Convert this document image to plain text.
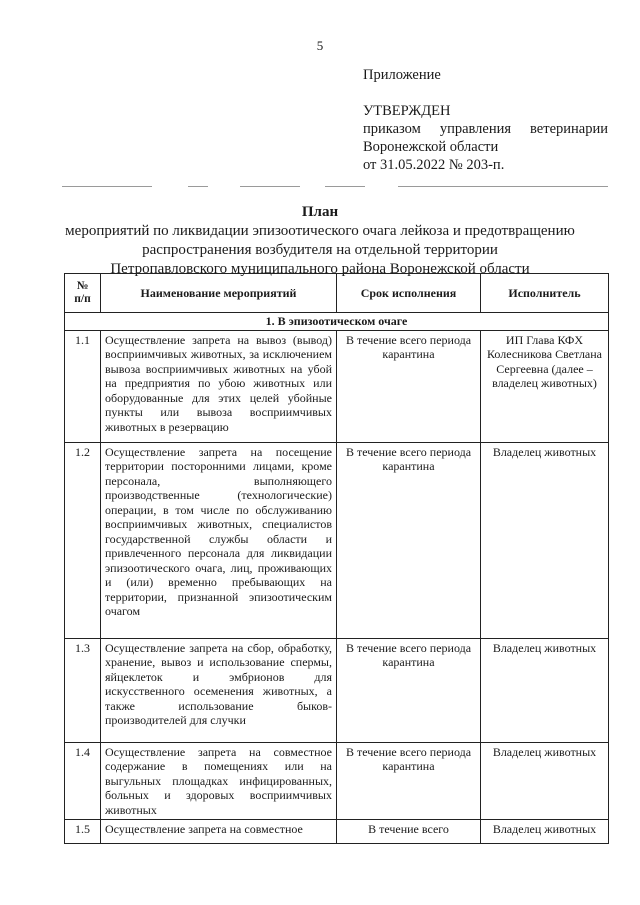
5
Приложение
УТВЕРЖДЕН
приказом управления ветеринарии
Воронежской области
от 31.05.2022 № 203-п.
План
мероприятий по ликвидации эпизоотического очага лейкоза и предотвращению
распространения возбудителя на отдельной территории
Петропавловского муниципального района Воронежской области
№
п/п	Наименование мероприятий	Срок исполнения	Исполнитель
1. В эпизоотическом очаге			
1.1	Осуществление запрета на вывоз (вывод) восприимчивых животных, за исключением вывоза восприимчивых животных на убой на предприятия по убою животных или оборудованные для этих целей убойные пункты или вывоза восприимчивых животных в резервацию	В течение всего периода карантина	ИП Глава КФХ Колесникова Светлана Сергеевна (далее – владелец животных)
1.2	Осуществление запрета на посещение территории посторонними лицами, кроме персонала, выполняющего производственные (технологические) операции, в том числе по обслуживанию восприимчивых животных, специалистов государственной службы области и привлеченного персонала для ликвидации эпизоотического очага, лиц, проживающих и (или) временно пребывающих на территории, признанной эпизоотическим очагом	В течение всего периода карантина	Владелец животных
1.3	Осуществление запрета на сбор, обработку, хранение, вывоз и использование спермы, яйцеклеток и эмбрионов для искусственного осеменения животных, а также использование быков-производителей для случки	В течение всего периода карантина	Владелец животных
1.4	Осуществление запрета на совместное содержание в помещениях или на выгульных площадках инфицированных, больных и здоровых восприимчивых животных	В течение всего периода карантина	Владелец животных
1.5	Осуществление запрета на совместное	В течение всего	Владелец животных
